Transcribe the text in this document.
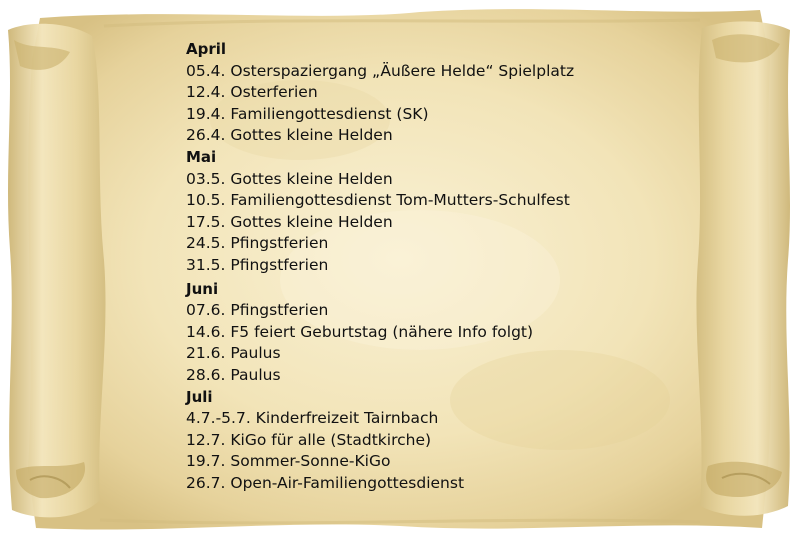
April
05.4. Osterspaziergang „Äußere Helde“ Spielplatz
12.4. Osterferien
19.4. Familiengottesdienst (SK)
26.4. Gottes kleine Helden
Mai
03.5. Gottes kleine Helden
10.5. Familiengottesdienst Tom-Mutters-Schulfest
17.5. Gottes kleine Helden
24.5. Pfingstferien
31.5. Pfingstferien
Juni
07.6. Pfingstferien
14.6. F5 feiert Geburtstag (nähere Info folgt)
21.6. Paulus
28.6. Paulus
Juli
4.7.-5.7. Kinderfreizeit Tairnbach
12.7. KiGo für alle (Stadtkirche)
19.7. Sommer-Sonne-KiGo
26.7. Open-Air-Familiengottesdienst
